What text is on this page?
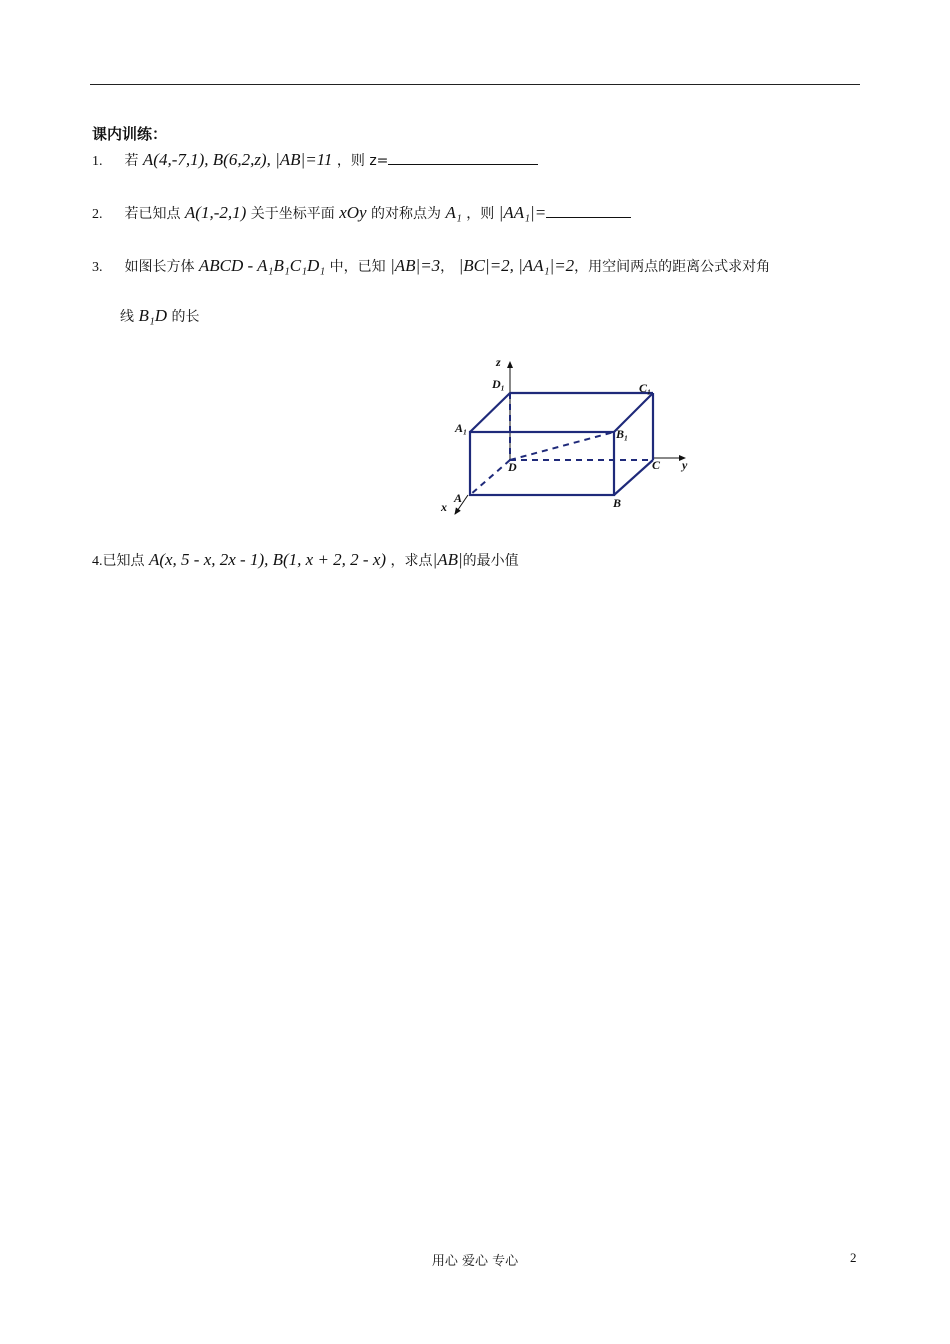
课内训练：
1. 若 A(4,-7,1), B(6,2,z), |AB|=11 ，则 z=
2. 若已知点 A(1,-2,1) 关于坐标平面 xOy 的对称点为 A₁ ，则 |AA₁|=
3. 如图长方体 ABCD - A₁B₁C₁D₁ 中，已知 |AB|=3， |BC|=2, |AA₁|=2，用空间两点的距离公式求对角
线 B₁D 的长
z
D₁	C₁
A₁	B₁
D	C y
A	B
x
4.已知点 A(x, 5 - x, 2x - 1), B(1, x + 2, 2 - x) ，求点|AB|的最小值
用心 爱心 专心	2
